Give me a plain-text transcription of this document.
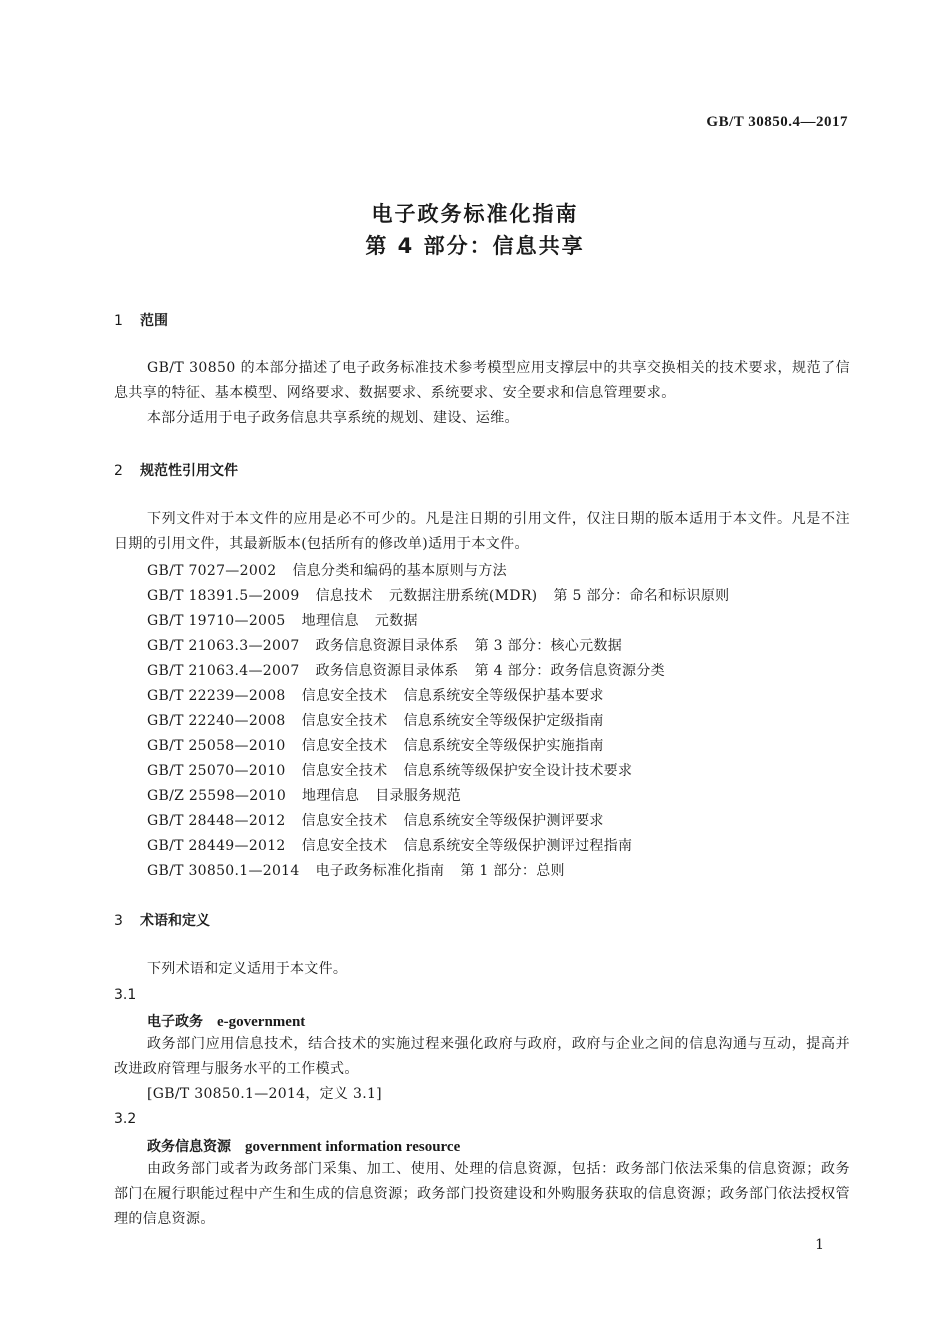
GB/T 30850.4—2017
电子政务标准化指南
第 4 部分：信息共享
1 范围
GB/T 30850 的本部分描述了电子政务标准技术参考模型应用支撑层中的共享交换相关的技术要求，规范了信息共享的特征、基本模型、网络要求、数据要求、系统要求、安全要求和信息管理要求。
本部分适用于电子政务信息共享系统的规划、建设、运维。
2 规范性引用文件
下列文件对于本文件的应用是必不可少的。凡是注日期的引用文件，仅注日期的版本适用于本文件。凡是不注日期的引用文件，其最新版本(包括所有的修改单)适用于本文件。
GB/T 7027—2002 信息分类和编码的基本原则与方法
GB/T 18391.5—2009 信息技术 元数据注册系统(MDR) 第 5 部分：命名和标识原则
GB/T 19710—2005 地理信息 元数据
GB/T 21063.3—2007 政务信息资源目录体系 第 3 部分：核心元数据
GB/T 21063.4—2007 政务信息资源目录体系 第 4 部分：政务信息资源分类
GB/T 22239—2008 信息安全技术 信息系统安全等级保护基本要求
GB/T 22240—2008 信息安全技术 信息系统安全等级保护定级指南
GB/T 25058—2010 信息安全技术 信息系统安全等级保护实施指南
GB/T 25070—2010 信息安全技术 信息系统等级保护安全设计技术要求
GB/Z 25598—2010 地理信息 目录服务规范
GB/T 28448—2012 信息安全技术 信息系统安全等级保护测评要求
GB/T 28449—2012 信息安全技术 信息系统安全等级保护测评过程指南
GB/T 30850.1—2014 电子政务标准化指南 第 1 部分：总则
3 术语和定义
下列术语和定义适用于本文件。
3.1
电子政务 e-government
政务部门应用信息技术，结合技术的实施过程来强化政府与政府，政府与企业之间的信息沟通与互动，提高并改进政府管理与服务水平的工作模式。
[GB/T 30850.1—2014，定义 3.1]
3.2
政务信息资源 government information resource
由政务部门或者为政务部门采集、加工、使用、处理的信息资源，包括：政务部门依法采集的信息资源；政务部门在履行职能过程中产生和生成的信息资源；政务部门投资建设和外购服务获取的信息资源；政务部门依法授权管理的信息资源。
1
